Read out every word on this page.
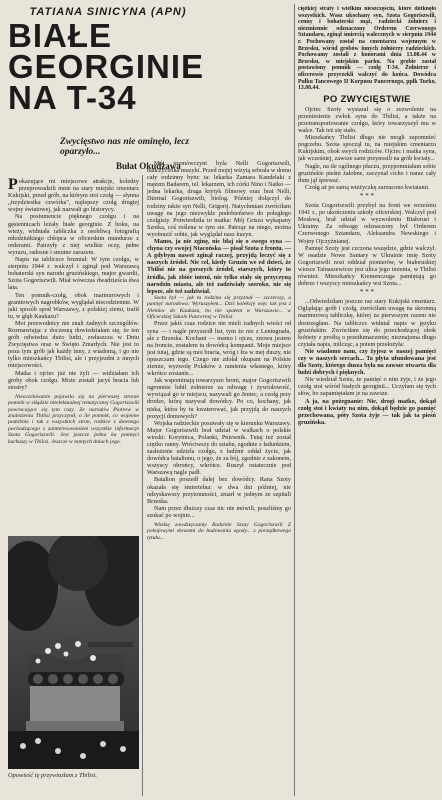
TATIANA SINICYNA (APN)
BIAŁE GEORGINIE NA T-34
Zwycięstwo nas nie ominęło, lecz oparzyło...
Bułat Okudżawa

Pokazujące mi miejscowe atrakcje, koledzy przeprowadzili mnie na stary miejski cmentarz Kukijski, przed grób, na którym stoi czołg — słynna „trzydziestka czwórka", najlepszy czołg drugiej wojny światowej, jak nazwali go historycy.

Na postumencie pięknego czołgu i na gęsiennicach leżały białe georginie. Z boku, na wieży, widniała tabliczka z osobliwą fotografią młodziutkiego chłopca w oficerskim mundurze z orderami. Patrzyły z niej wielkie oczy, pełne wyrazu, radosne i smutne zarazem.

Napis na tabliczce brzmiał: W tym czołgu, w sierpniu 1944 r. walczył i zginął pod Warszawą bohaterski syn narodu gruzińskiego, major gwardii, Szota Gogoriszwili. Miał wówczas dwadzieścia dwa lata.

Ten pomnik-czołg, obok marmurowych i granitowych nagrobków, wyglądał niecodziennie. W jaki sposób spod Warszawy, z polskiej ziemi, trafił tu, w głąb Kaukazu?

Moi przewodnicy nie znali żadnych szczegółów. Rozmawiając z doczesną dowiedziałam się, że ten grób odwiedza dużo ludzi, zwłaszcza w Dniu Zwycięstwa oraz w Święto Zmarłych. Nie jest to poza tym grób jak każdy inny, z wiadomą, i go nie tylko mieszkańcy Tbilisi, ale i przyjezdni z innych miejscowości.

Matka i ojciec już nie żyli — widziałam ich groby obok czołgu. Może zostali jacyś bracia lub siostry?

Nieoczekiwanie pojawiła się na pierwszej stronie pomnik w siłądzie intelektualnej tematycznej Gogoriszwili powracające się tym razy. Ze narodów Piotrow w znalezieniu Tbilisi przyczynił, o ile pomnik, co wojenne podobnie i tak z wszystkich stron, rodzice z dawnego pochodzącego z zainteresowaniem wszystkie informacje Szota Gogoriszwili. Jest jeszcze jedna ku pamięci kurkuszy w Tbilisi. Jeszcze w tamtych dniach jego.

Mój rozmówczyni była Nelli Gogoriszwili, nauczycielka muzyki. Przed mojej wizytą sebrała w domu cały rodzinny bytu: ta: lekarka Zamara Kandelaki z mężem Badarem, tel. lekarzem, ich córki Nino i Natko — jedna lekarka, druga krytyk filmowy oraz brat Nelli, Dżemal Gogoriszwili, biolog. Później dołączył do rodziny także syn Nelli, Grigorij. Natychmiast zwróciłam uwagę na jego niezwykle podobieństwo do poległego czołgisty. Potwierdziła to matka: Mój Grisza wykapany Szotka, coś roślena w tym sie. Patrząc na niego, można wyobrazić sobie, jak wyglądał nasz kuzyn.

Mamo, ja nie zginę, nic błaj się o swego syna — chyna czy swojej Ntacońska — pisał Szota z frontu. — A gdybym nawet zginął raczej, przyjdą leczyć się z naszych źródeł. Nie cel, kiedy Gruzin we ed dzieci, że Tbilisi nie na gorszych źródeł, starszych, który to źródła, jak zbiór inteni, nie tylko stały się przyczyną narodzin miasta, ale też zadziwiały szeroko, nie się lepsze, ale też zadziwiał.

Szota był — jak ta rodzina się przyznał — szczerszy, a pamięć narodowa: Wyruszyłem... Dziś kolekcję więc tak jest z Niemiec do Kaukazu, bo nie spałem w Warszawie... w Oficerskiej Szkole Pancernej w Tbilisi.

Przez jakiś czas rodzice nie mieli żadnych wieści od syna — i nagle przyszedł list, tym że nie z Leningradu, ale z Brzeska. Kochani — mamo i ojcze, znowu jestem na froncie, zostałem tu dowódcą kompanii. Moje miejsce jest tutaj, gdzie są moi bracia, wróg i łza w mej duszy, nie opuszczam tego. Czego nie zdołał okupant na Polskie ziemie, wyzwolę Polaków z ramienia własnego, który wkrótce zostanie...

Jak wspominają towarzysze broni, major Gogoriszwili ogromnie lubił żołnierze za odwagę i żywiołowość, wywiązał go w miejscu, nazywali go Jeniec, a czołg przy drodze, którą nazywał dowódcy. Po co, kochany, jak niska, która by tu kwaterować, jak przyjdą do naszych pozycji domowych?

Wojska radzieckie posuwały się w kierunku Warszawy. Major Gogoriszwili brał udział w walkach o polskie wioski: Korytnica, Polanki, Pniewnik. Tutaj też został ciężko ranny. Wróciwszy do sztabu, zgodnie z ładunkiem, zasłużenie udziela czołgu, z ludźmi oddał życie, jak dowódca batalionu, o jego, że za bój, zgodnie z zakonem, wszyscy obrońcy, wkrótce. Ruszył ostatecznie pod Warszawą nagle padł.

Batalion poszedł dalej bez dowódcy. Rana Szoty okazała się śmiertelna: w dwa dni później, nie odzyskawszy przytomności, zmarł w jednym ze szpitali Brzeska.

Nam przez dłuższy czas nic nie mówili, poszliśmy go szukać po wojnie...

Wiedzę zawdzięczamy Rodzinie Szoty Gogoriszwili Z pokojowymi słowami do budowania zgody... z porządkowego tytułu...

ciężkiej straty i wielkim nieszczęściu, które dotknęło wszystkich. Wasz ukochany syn, Szota Gogoriszwili, cenny i bohaterski mąż, radziecki żołnierz i niezmiennie odznaczony Orderem Czerwonego Sztandaru, zginął śmiercią walecznych w sierpniu 1944 r. Pochowany został na cmentarzu wojennym w Brzesku, wśród grobów innych żołnierzy radzieckich. Pochowamy zostali z honorami dnia 13.08.44 w Brzesku, w miejskim parku. Na grobie został postawiony pomnik — czołg T-34. Żołnierze i oficerowie przyrzekli walczyć do końca. Dowódca Pułku Tancowego II Korpusu Pancernego, ppłk Turko, 13.08.44.

PO ZWYCIĘSTWIE

Ojciec Szoty wystarał się o zezwolenie na przeniesienie zwłok syna do Tbilisi, a także na przetransportowanie czołgu, który towarzyszył mu w walce. Tak też się stało.

Mieszkańcy Tbilisi długo nie mogli zapomnieć pogrzebu. Szota spoczął tu, na miejskim cmentarzu Kukijskim, obok swych rodziców. Ojciec i matka syna, jak wcześniej, zawsze sami przynosili na grób kwiaty...

Nagle, na tle ogólnego płaczu, przypomniałam sobie gruzińskie pieśni żałobne, zaczynał cicho i naraz cały tłum jął śpiewać.

Czołg aż po samą wieżyczkę zarzucono kwiatami.

* * *

Szota Gogoriszwili przybył na front we wrześniu 1941 r., po ukończeniu szkoły oficerskiej. Walczył pod Moskwą, brał udział w wyzwoleniu Białorusi i Ukrainy. Za odwagę odznaczony był Orderem Czerwonego Sztandaru, Aleksandra Newskiego i Wojny Ojczyźnianej.

Pamięć Szoty jest czczona wszędzie, gdzie walczył. W osadzie Nowe Santary w Ukrainie imię Szoty Gogoriszwili nosi oddział pionierów, w białoruskiej wiosce Tainaszewicze jest ulica jego imienia, w Tbilisi również. Mieszkańcy Kremenczuga pamiętają go dobrze i wszyscy mieszkańcy wsi Szota...

* * *

...Odwiedziłam jeszcze raz stary Kukijski cmentarz. Oglądając grób i czołg, zwróciłam uwagę na skromną marmurową tabliczkę, której za pierwszym razem nie dostrzegłam. Na tabliczce widniał napis w języku gruzińskim. Zwróciłam się do przechodzącej obok kobiety z prośbą o przetłumaczenie; nieznajoma długo czytała napis, milcząc, a potem przełożyła:

Nie wiadomo nam, czy żyjesz w naszej pamięci czy w naszych sercach... Ta płyta ufundowana jest dla Szoty, którego dusza była na zawsze otwarta dla ludzi dobrych i pięknych.

Nie wiedział Szota, że pamięć o nim żyje, i że jego czołg stoi wśród białych georginii... Uczyłam się tych słów, bo zapamiętałam je na zawsze.

A ja, na pożegnanie: Nie, drogi matko, dokąd czołg stoi i kwiaty na nim, dokąd będzie go pamięć przechowana, póty Szota żyje — tak jak ta pieśń gruzińska.

Opowieść tę przywiozłam z Tbilisi.
